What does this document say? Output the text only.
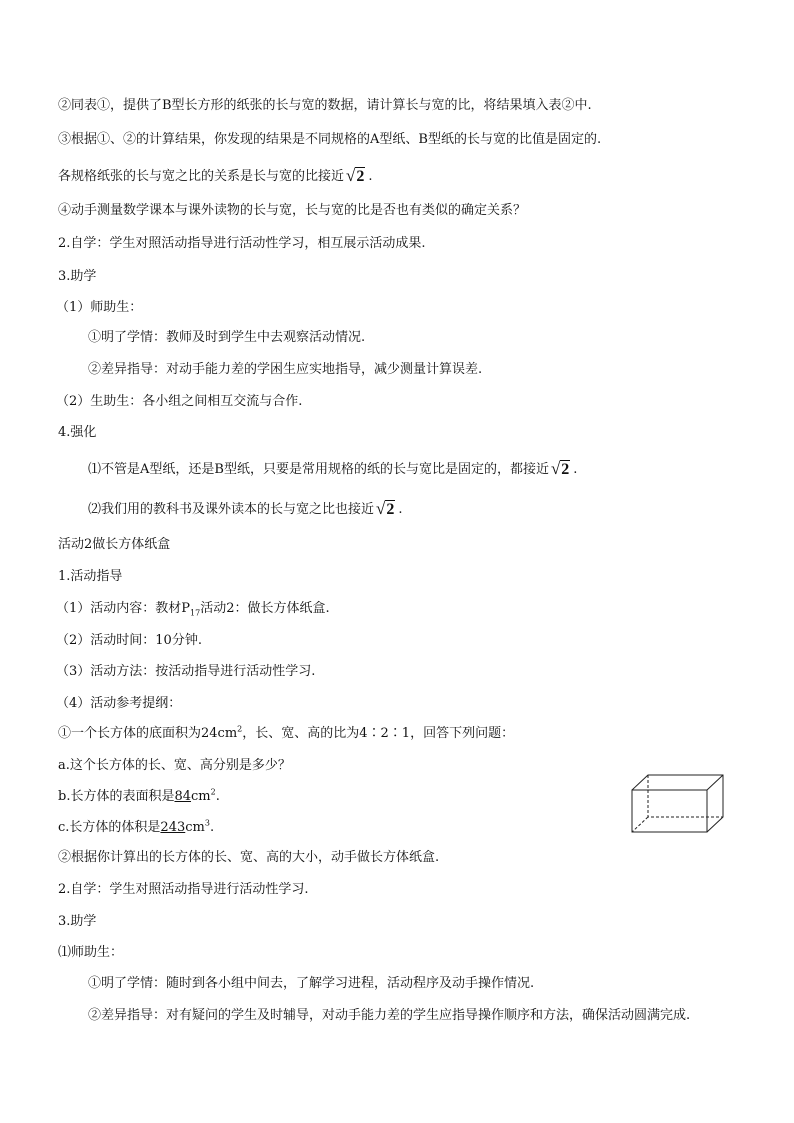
②同表①，提供了B型长方形的纸张的长与宽的数据，请计算长与宽的比，将结果填入表②中.
③根据①、②的计算结果，你发现的结果是不同规格的A型纸、B型纸的长与宽的比值是固定的.
各规格纸张的长与宽之比的关系是长与宽的比接近 √2 .
④动手测量数学课本与课外读物的长与宽，长与宽的比是否也有类似的确定关系？
2.自学：学生对照活动指导进行活动性学习，相互展示活动成果.
3.助学
（1）师助生：
①明了学情：教师及时到学生中去观察活动情况.
②差异指导：对动手能力差的学困生应实地指导，减少测量计算误差.
（2）生助生：各小组之间相互交流与合作.
4.强化
⑴不管是A型纸，还是B型纸，只要是常用规格的纸的长与宽比是固定的，都接近 √2 .
⑵我们用的教科书及课外读本的长与宽之比也接近 √2 .
活动2做长方体纸盒
1.活动指导
（1）活动内容：教材$P_{17}$活动2：做长方体纸盒.
（2）活动时间：10分钟.
（3）活动方法：按活动指导进行活动性学习.
（4）活动参考提纲：
①一个长方体的底面积为$24cm^2$，长、宽、高的比为4∶2∶1，回答下列问题：
a.这个长方体的长、宽、高分别是多少？
b.长方体的表面积是$84cm^2$.
c.长方体的体积是$243cm^3$.
②根据你计算出的长方体的长、宽、高的大小，动手做长方体纸盒.
2.自学：学生对照活动指导进行活动性学习.
3.助学
⑴师助生：
①明了学情：随时到各小组中间去，了解学习进程，活动程序及动手操作情况.
②差异指导：对有疑问的学生及时辅导，对动手能力差的学生应指导操作顺序和方法，确保活动圆满完成.
